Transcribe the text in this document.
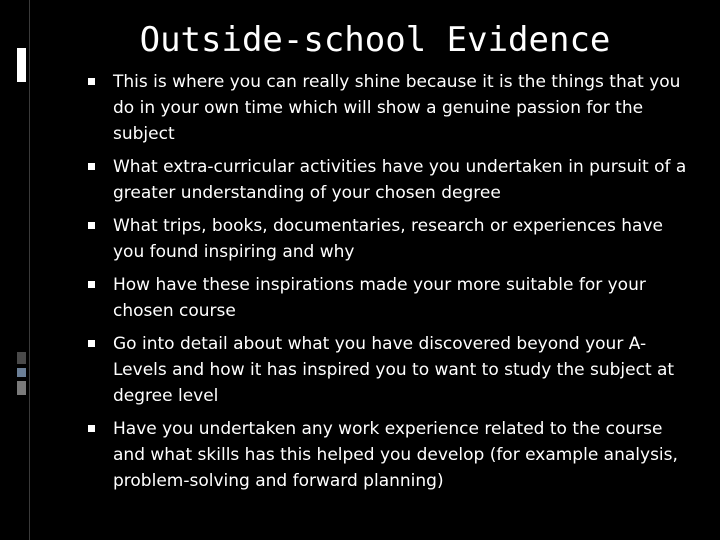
Outside-school Evidence
This is where you can really shine because it is the things that you do in your own time which will show a genuine passion for the subject
What extra-curricular activities have you undertaken in pursuit of a greater understanding of your chosen degree
What trips, books, documentaries, research or experiences have you found inspiring and why
How have these inspirations made your more suitable for your chosen course
Go into detail about what you have discovered beyond your A-Levels and how it has inspired you to want to study the subject at degree level
Have you undertaken any work experience related to the course and what skills has this helped you develop (for example analysis, problem-solving and forward planning)
